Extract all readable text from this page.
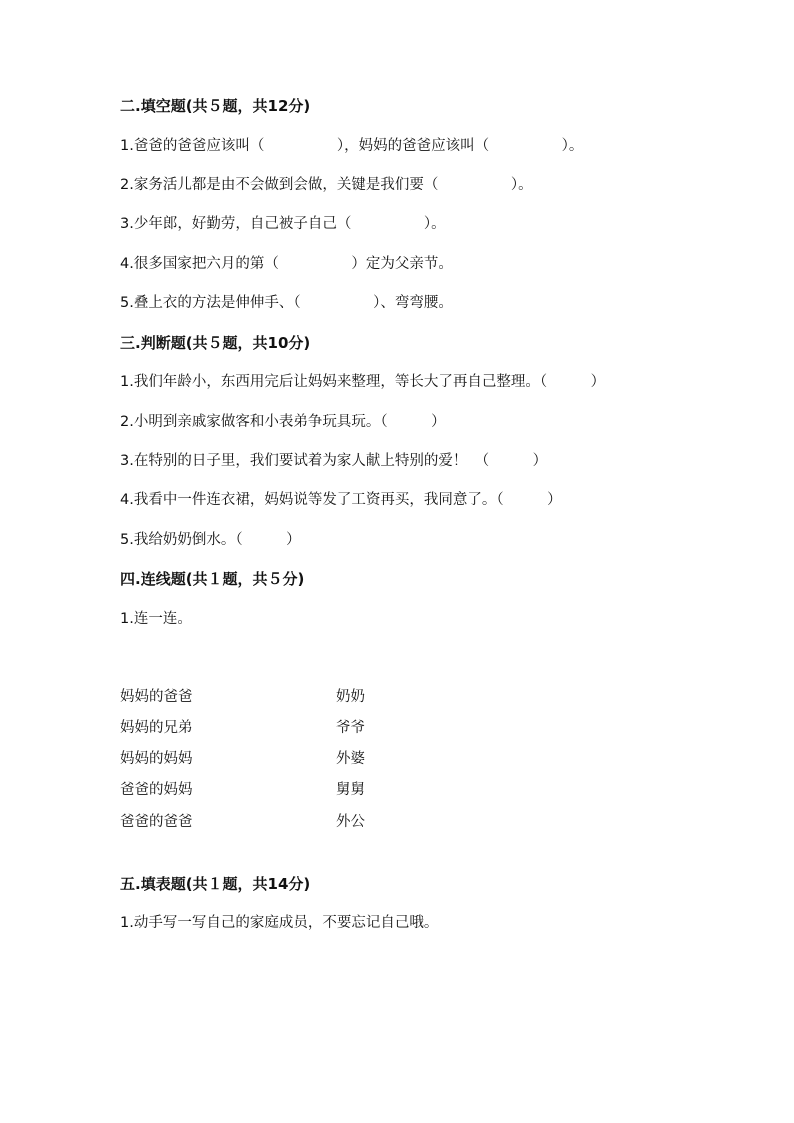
二.填空题(共５题，共12分)
1.爸爸的爸爸应该叫（　　　　　），妈妈的爸爸应该叫（　　　　　）。
2.家务活儿都是由不会做到会做，关键是我们要（　　　　　）。
3.少年郎，好勤劳，自己被子自己（　　　　　）。
4.很多国家把六月的第（　　　　　）定为父亲节。
5.叠上衣的方法是伸伸手、（　　　　　）、弯弯腰。
三.判断题(共５题，共10分)
1.我们年龄小，东西用完后让妈妈来整理，等长大了再自己整理。（　　　）
2.小明到亲戚家做客和小表弟争玩具玩。（　　　）
3.在特别的日子里，我们要试着为家人献上特别的爱！　（　　　）
4.我看中一件连衣裙，妈妈说等发了工资再买，我同意了。（　　　）
5.我给奶奶倒水。（　　　）
四.连线题(共１题，共５分)
1.连一连。
妈妈的爸爸
妈妈的兄弟
妈妈的妈妈
爸爸的妈妈
爸爸的爸爸
奶奶
爷爷
外婆
舅舅
外公
五.填表题(共１题，共14分)
1.动手写一写自己的家庭成员，不要忘记自己哦。
